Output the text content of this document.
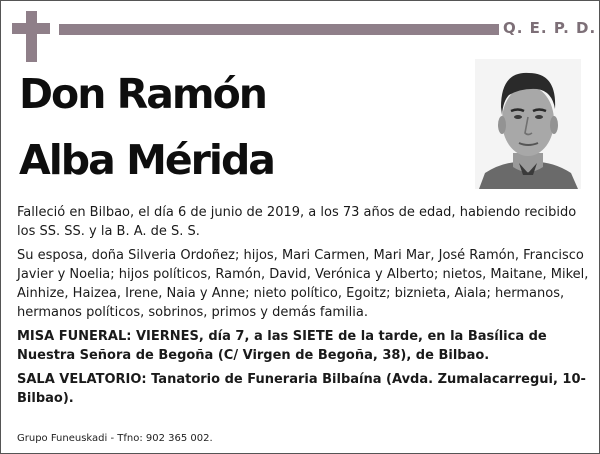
Q. E. P. D.
Don Ramón
Alba Mérida

Falleció en Bilbao, el día 6 de junio de 2019, a los 73 años de edad, habiendo recibido los SS. SS. y la B. A. de S. S.

Su esposa, doña Silveria Ordoñez; hijos, Mari Carmen, Mari Mar, José Ramón, Francisco Javier y Noelia; hijos políticos, Ramón, David, Verónica y Alberto; nietos, Maitane, Mikel, Ainhize, Haizea, Irene, Naia y Anne; nieto político, Egoitz; biznieta, Aiala; hermanos, hermanos políticos, sobrinos, primos y demás familia.

MISA FUNERAL: VIERNES, día 7, a las SIETE de la tarde, en la Basílica de Nuestra Señora de Begoña (C/ Virgen de Begoña, 38), de Bilbao.

SALA VELATORIO: Tanatorio de Funeraria Bilbaína (Avda. Zumalacarregui, 10-Bilbao).

Grupo Funeuskadi - Tfno: 902 365 002.
